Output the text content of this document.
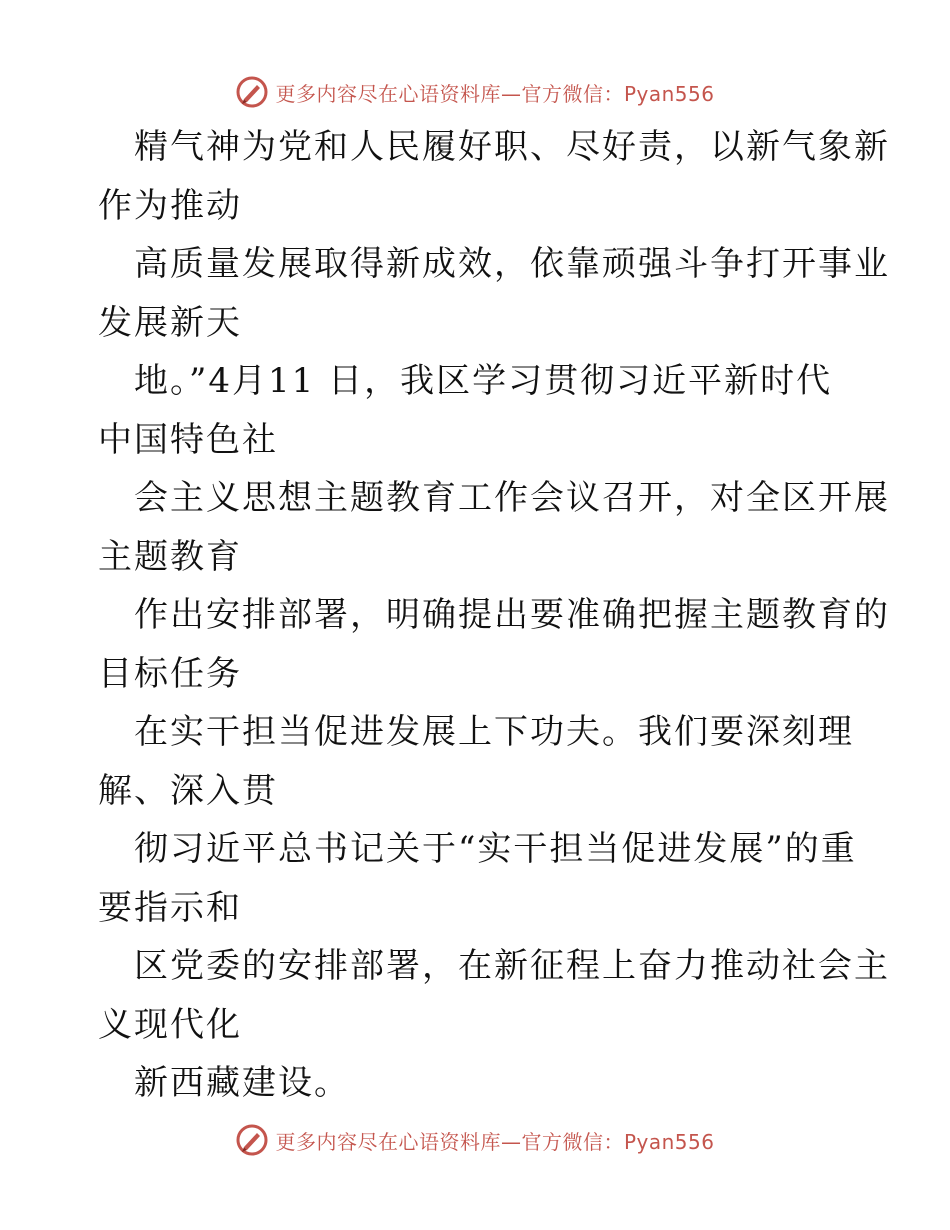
更多内容尽在心语资料库—官方微信：Pyan556
精气神为党和人民履好职、尽好责，以新气象新
作为推动
高质量发展取得新成效，依靠顽强斗争打开事业
发展新天
地。”4月11 日，我区学习贯彻习近平新时代
中国特色社
会主义思想主题教育工作会议召开，对全区开展
主题教育
作出安排部署，明确提出要准确把握主题教育的
目标任务
在实干担当促进发展上下功夫。我们要深刻理
解、深入贯
彻习近平总书记关于“实干担当促进发展”的重
要指示和
区党委的安排部署，在新征程上奋力推动社会主
义现代化
新西藏建设。
更多内容尽在心语资料库—官方微信：Pyan556
